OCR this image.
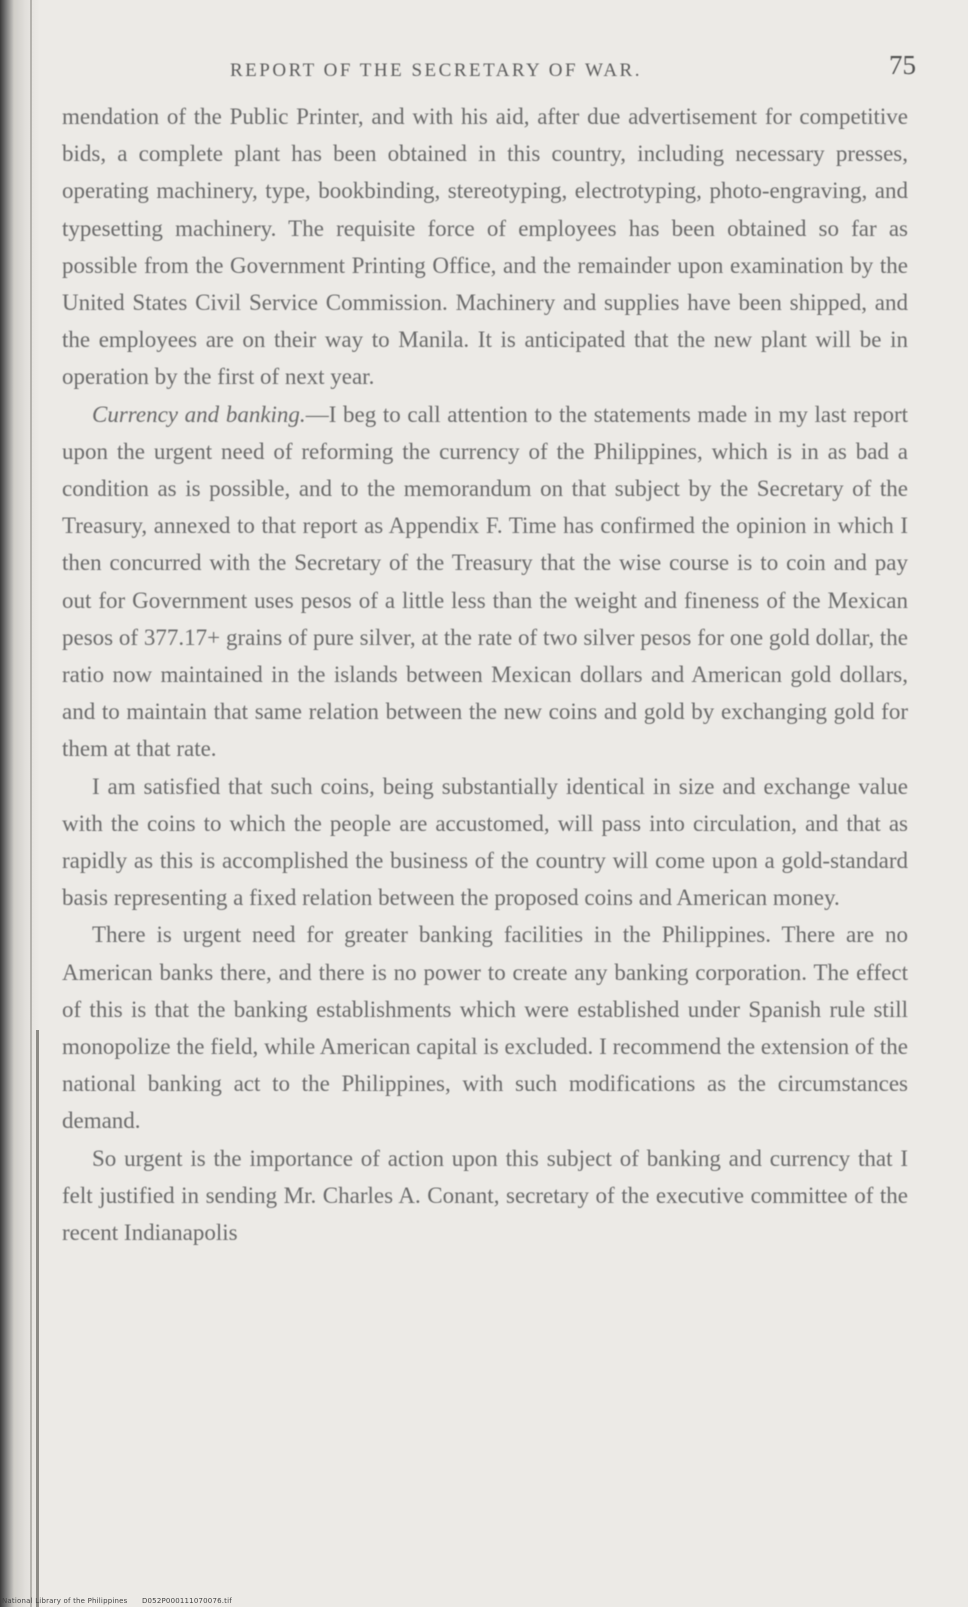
REPORT OF THE SECRETARY OF WAR.	75

mendation of the Public Printer, and with his aid, after due advertisement for competitive bids, a complete plant has been obtained in this country, including necessary presses, operating machinery, type, bookbinding, stereotyping, electrotyping, photo-engraving, and typesetting machinery. The requisite force of employees has been obtained so far as possible from the Government Printing Office, and the remainder upon examination by the United States Civil Service Commission. Machinery and supplies have been shipped, and the employees are on their way to Manila. It is anticipated that the new plant will be in operation by the first of next year.

Currency and banking.—I beg to call attention to the statements made in my last report upon the urgent need of reforming the currency of the Philippines, which is in as bad a condition as is possible, and to the memorandum on that subject by the Secretary of the Treasury, annexed to that report as Appendix F. Time has confirmed the opinion in which I then concurred with the Secretary of the Treasury that the wise course is to coin and pay out for Government uses pesos of a little less than the weight and fineness of the Mexican pesos of 377.17+ grains of pure silver, at the rate of two silver pesos for one gold dollar, the ratio now maintained in the islands between Mexican dollars and American gold dollars, and to maintain that same relation between the new coins and gold by exchanging gold for them at that rate.

I am satisfied that such coins, being substantially identical in size and exchange value with the coins to which the people are accustomed, will pass into circulation, and that as rapidly as this is accomplished the business of the country will come upon a gold-standard basis representing a fixed relation between the proposed coins and American money.

There is urgent need for greater banking facilities in the Philippines. There are no American banks there, and there is no power to create any banking corporation. The effect of this is that the banking establishments which were established under Spanish rule still monopolize the field, while American capital is excluded. I recommend the extension of the national banking act to the Philippines, with such modifications as the circumstances demand.

So urgent is the importance of action upon this subject of banking and currency that I felt justified in sending Mr. Charles A. Conant, secretary of the executive committee of the recent Indianapolis

National Library of the Philippines D052P000111070076.tif
